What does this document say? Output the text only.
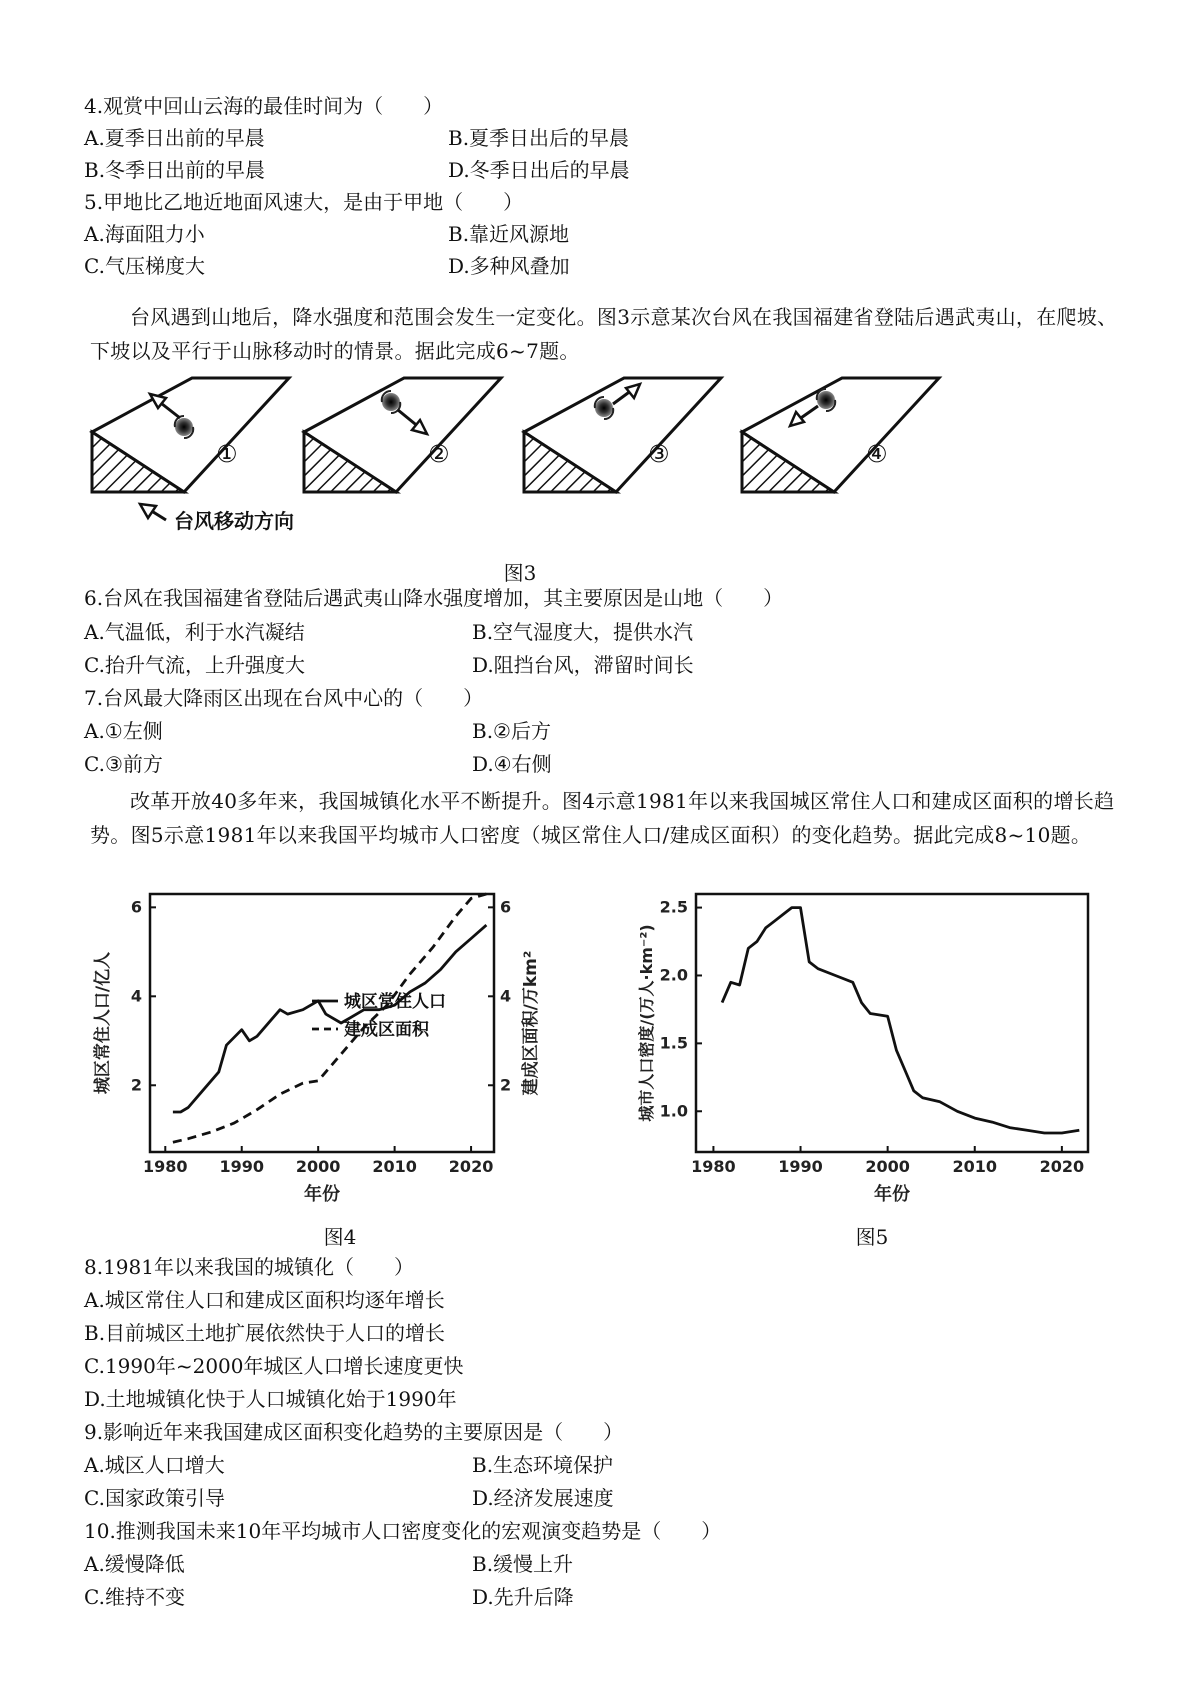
4.观赏中回山云海的最佳时间为（　　）
A.夏季日出前的早晨	B.夏季日出后的早晨
B.冬季日出前的早晨	D.冬季日出后的早晨
5.甲地比乙地近地面风速大，是由于甲地（　　）
A.海面阻力小	B.靠近风源地
C.气压梯度大	D.多种风叠加
台风遇到山地后，降水强度和范围会发生一定变化。图3示意某次台风在我国福建省登陆后遇武夷山，在爬坡、下坡以及平行于山脉移动时的情景。据此完成6~7题。
①	②	③	④
台风移动方向
图3
6.台风在我国福建省登陆后遇武夷山降水强度增加，其主要原因是山地（　　）
A.气温低，利于水汽凝结	B.空气湿度大，提供水汽
C.抬升气流，上升强度大	D.阻挡台风，滞留时间长
7.台风最大降雨区出现在台风中心的（　　）
A.①左侧	B.②后方
C.③前方	D.④右侧
改革开放40多年来，我国城镇化水平不断提升。图4示意1981年以来我国城区常住人口和建成区面积的增长趋势。图5示意1981年以来我国平均城市人口密度（城区常住人口/建成区面积）的变化趋势。据此完成8~10题。
城区常住人口/亿人	建成区面积/万km²
1980 1990 2000 2010 2020
2
4
6
2
4
6
年份
城区常住人口
建成区面积	城市人口密度/(万人·km⁻²)
1980	1990	2000	2010	2020
1.0
1.5
2.0
2.5
年份
图4	图5
8.1981年以来我国的城镇化（　　）
A.城区常住人口和建成区面积均逐年增长
B.目前城区土地扩展依然快于人口的增长
C.1990年~2000年城区人口增长速度更快
D.土地城镇化快于人口城镇化始于1990年
9.影响近年来我国建成区面积变化趋势的主要原因是（　　）
A.城区人口增大	B.生态环境保护
C.国家政策引导	D.经济发展速度
10.推测我国未来10年平均城市人口密度变化的宏观演变趋势是（　　）
A.缓慢降低	B.缓慢上升
C.维持不变	D.先升后降
